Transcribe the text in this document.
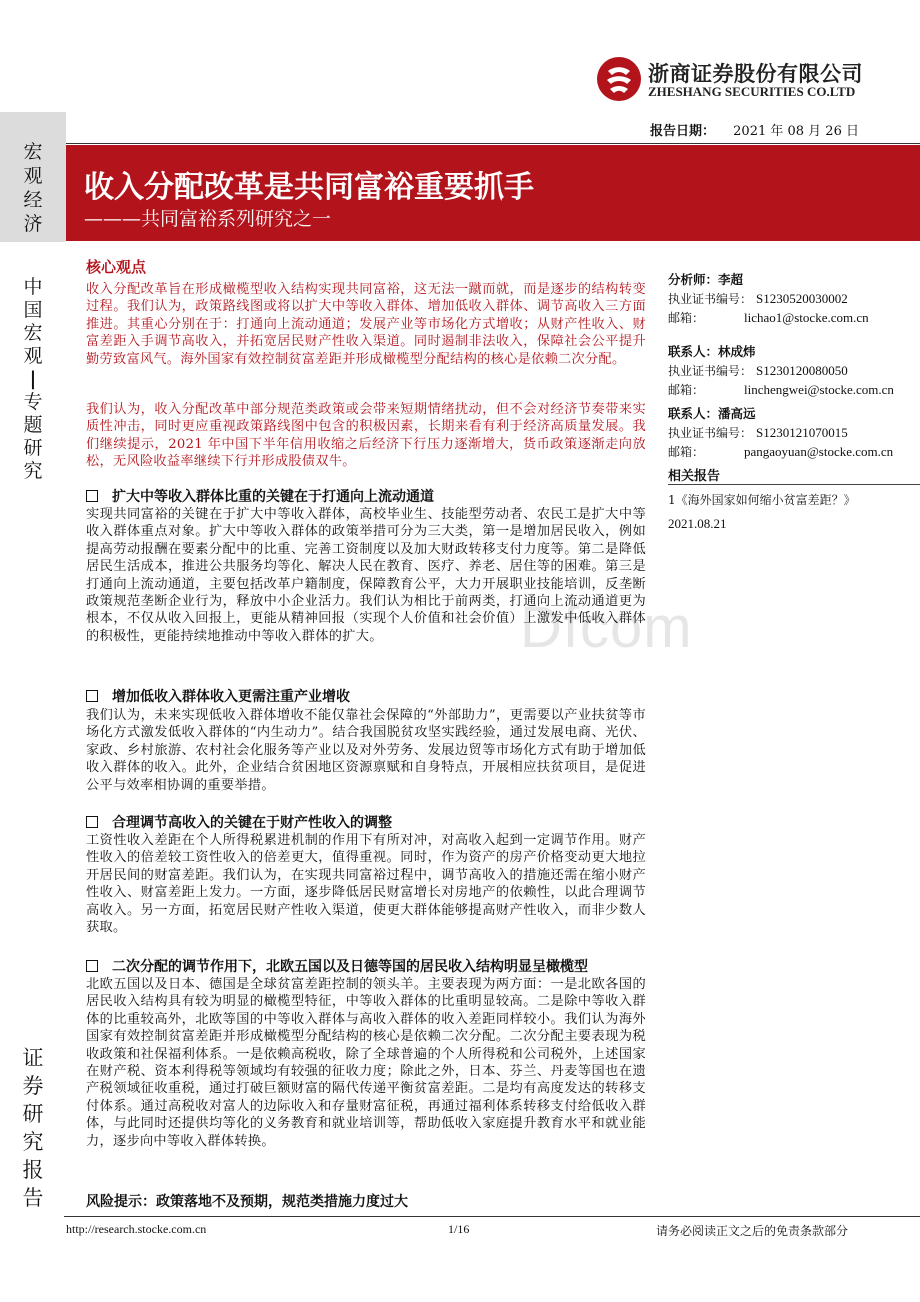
Dfcom
浙商证券股份有限公司
ZHESHANG SECURITIES CO.LTD
报告日期： 2021 年 08 月 26 日
宏
观
经
济
中
国
宏
观
|
专
题
研
究
证
券
研
究
报
告
收入分配改革是共同富裕重要抓手
———共同富裕系列研究之一
核心观点
收入分配改革旨在形成橄榄型收入结构实现共同富裕，这无法一蹴而就，而是逐步的结构转变过程。我们认为，政策路线图或将以扩大中等收入群体、增加低收入群体、调节高收入三方面推进。其重心分别在于：打通向上流动通道；发展产业等市场化方式增收；从财产性收入、财富差距入手调节高收入，并拓宽居民财产性收入渠道。同时遏制非法收入，保障社会公平提升勤劳致富风气。海外国家有效控制贫富差距并形成橄榄型分配结构的核心是依赖二次分配。
我们认为，收入分配改革中部分规范类政策或会带来短期情绪扰动，但不会对经济节奏带来实质性冲击，同时更应重视政策路线图中包含的积极因素，长期来看有利于经济高质量发展。我们继续提示，2021 年中国下半年信用收缩之后经济下行压力逐渐增大，货币政策逐渐走向放松，无风险收益率继续下行并形成股债双牛。
分析师：李超
执业证书编号： S1230520030002
邮箱：	lichao1@stocke.com.cn
联系人：林成炜
执业证书编号： S1230120080050
邮箱：	linchengwei@stocke.com.cn
联系人：潘高远
执业证书编号： S1230121070015
邮箱：	pangaoyuan@stocke.com.cn
相关报告
1《海外国家如何缩小贫富差距？》
2021.08.21
扩大中等收入群体比重的关键在于打通向上流动通道
实现共同富裕的关键在于扩大中等收入群体，高校毕业生、技能型劳动者、农民工是扩大中等收入群体重点对象。扩大中等收入群体的政策举措可分为三大类，第一是增加居民收入，例如提高劳动报酬在要素分配中的比重、完善工资制度以及加大财政转移支付力度等。第二是降低居民生活成本，推进公共服务均等化、解决人民在教育、医疗、养老、居住等的困难。第三是打通向上流动通道，主要包括改革户籍制度，保障教育公平，大力开展职业技能培训，反垄断政策规范垄断企业行为，释放中小企业活力。我们认为相比于前两类，打通向上流动通道更为根本，不仅从收入回报上，更能从精神回报（实现个人价值和社会价值）上激发中低收入群体的积极性，更能持续地推动中等收入群体的扩大。
增加低收入群体收入更需注重产业增收
我们认为，未来实现低收入群体增收不能仅靠社会保障的“外部助力”，更需要以产业扶贫等市场化方式激发低收入群体的“内生动力”。结合我国脱贫攻坚实践经验，通过发展电商、光伏、家政、乡村旅游、农村社会化服务等产业以及对外劳务、发展边贸等市场化方式有助于增加低收入群体的收入。此外，企业结合贫困地区资源禀赋和自身特点，开展相应扶贫项目，是促进公平与效率相协调的重要举措。
合理调节高收入的关键在于财产性收入的调整
工资性收入差距在个人所得税累进机制的作用下有所对冲，对高收入起到一定调节作用。财产性收入的倍差较工资性收入的倍差更大，值得重视。同时，作为资产的房产价格变动更大地拉开居民间的财富差距。我们认为，在实现共同富裕过程中，调节高收入的措施还需在缩小财产性收入、财富差距上发力。一方面，逐步降低居民财富增长对房地产的依赖性，以此合理调节高收入。另一方面，拓宽居民财产性收入渠道，使更大群体能够提高财产性收入，而非少数人获取。
二次分配的调节作用下，北欧五国以及日德等国的居民收入结构明显呈橄榄型
北欧五国以及日本、德国是全球贫富差距控制的领头羊。主要表现为两方面：一是北欧各国的居民收入结构具有较为明显的橄榄型特征，中等收入群体的比重明显较高。二是除中等收入群体的比重较高外，北欧等国的中等收入群体与高收入群体的收入差距同样较小。我们认为海外国家有效控制贫富差距并形成橄榄型分配结构的核心是依赖二次分配。二次分配主要表现为税收政策和社保福利体系。一是依赖高税收，除了全球普遍的个人所得税和公司税外，上述国家在财产税、资本利得税等领域均有较强的征收力度；除此之外，日本、芬兰、丹麦等国也在遗产税领域征收重税，通过打破巨额财富的隔代传递平衡贫富差距。二是均有高度发达的转移支付体系。通过高税收对富人的边际收入和存量财富征税，再通过福利体系转移支付给低收入群体，与此同时还提供均等化的义务教育和就业培训等，帮助低收入家庭提升教育水平和就业能力，逐步向中等收入群体转换。
风险提示：政策落地不及预期，规范类措施力度过大
http://research.stocke.com.cn	1/16	请务必阅读正文之后的免责条款部分
